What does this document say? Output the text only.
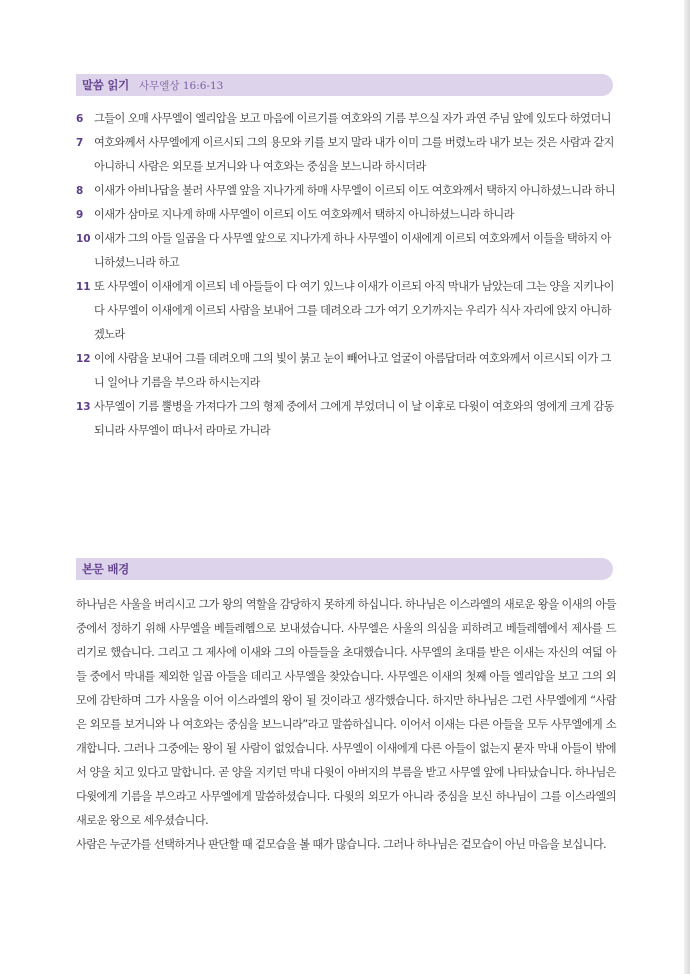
말씀 읽기 사무엘상 16:6-13
6 그들이 오매 사무엘이 엘리압을 보고 마음에 이르기를 여호와의 기름 부으실 자가 과연 주님 앞에 있도다 하였더니
7 여호와께서 사무엘에게 이르시되 그의 용모와 키를 보지 말라 내가 이미 그를 버렸노라 내가 보는 것은 사람과 같지 아니하니 사람은 외모를 보거니와 나 여호와는 중심을 보느니라 하시더라
8 이새가 아비나답을 불러 사무엘 앞을 지나가게 하매 사무엘이 이르되 이도 여호와께서 택하지 아니하셨느니라 하니
9 이새가 삼마로 지나게 하매 사무엘이 이르되 이도 여호와께서 택하지 아니하셨느니라 하니라
10 이새가 그의 아들 일곱을 다 사무엘 앞으로 지나가게 하나 사무엘이 이새에게 이르되 여호와께서 이들을 택하지 아니하셨느니라 하고
11 또 사무엘이 이새에게 이르되 네 아들들이 다 여기 있느냐 이새가 이르되 아직 막내가 남았는데 그는 양을 지키나이다 사무엘이 이새에게 이르되 사람을 보내어 그를 데려오라 그가 여기 오기까지는 우리가 식사 자리에 앉지 아니하겠노라
12 이에 사람을 보내어 그를 데려오매 그의 빛이 붉고 눈이 빼어나고 얼굴이 아름답더라 여호와께서 이르시되 이가 그니 일어나 기름을 부으라 하시는지라
13 사무엘이 기름 뿔병을 가져다가 그의 형제 중에서 그에게 부었더니 이 날 이후로 다윗이 여호와의 영에게 크게 감동되니라 사무엘이 떠나서 라마로 가니라
본문 배경

하나님은 사울을 버리시고 그가 왕의 역할을 감당하지 못하게 하십니다. 하나님은 이스라엘의 새로운 왕을 이새의 아들 중에서 정하기 위해 사무엘을 베들레헴으로 보내셨습니다. 사무엘은 사울의 의심을 피하려고 베들레헴에서 제사를 드리기로 했습니다. 그리고 그 제사에 이새와 그의 아들들을 초대했습니다. 사무엘의 초대를 받은 이새는 자신의 여덟 아들 중에서 막내를 제외한 일곱 아들을 데리고 사무엘을 찾았습니다. 사무엘은 이새의 첫째 아들 엘리압을 보고 그의 외모에 감탄하며 그가 사울을 이어 이스라엘의 왕이 될 것이라고 생각했습니다. 하지만 하나님은 그런 사무엘에게 “사람은 외모를 보거니와 나 여호와는 중심을 보느니라”라고 말씀하십니다. 이어서 이새는 다른 아들을 모두 사무엘에게 소개합니다. 그러나 그중에는 왕이 될 사람이 없었습니다. 사무엘이 이새에게 다른 아들이 없는지 묻자 막내 아들이 밖에서 양을 치고 있다고 말합니다. 곧 양을 지키던 막내 다윗이 아버지의 부름을 받고 사무엘 앞에 나타났습니다. 하나님은 다윗에게 기름을 부으라고 사무엘에게 말씀하셨습니다. 다윗의 외모가 아니라 중심을 보신 하나님이 그를 이스라엘의 새로운 왕으로 세우셨습니다.

사람은 누군가를 선택하거나 판단할 때 겉모습을 볼 때가 많습니다. 그러나 하나님은 겉모습이 아닌 마음을 보십니다.
